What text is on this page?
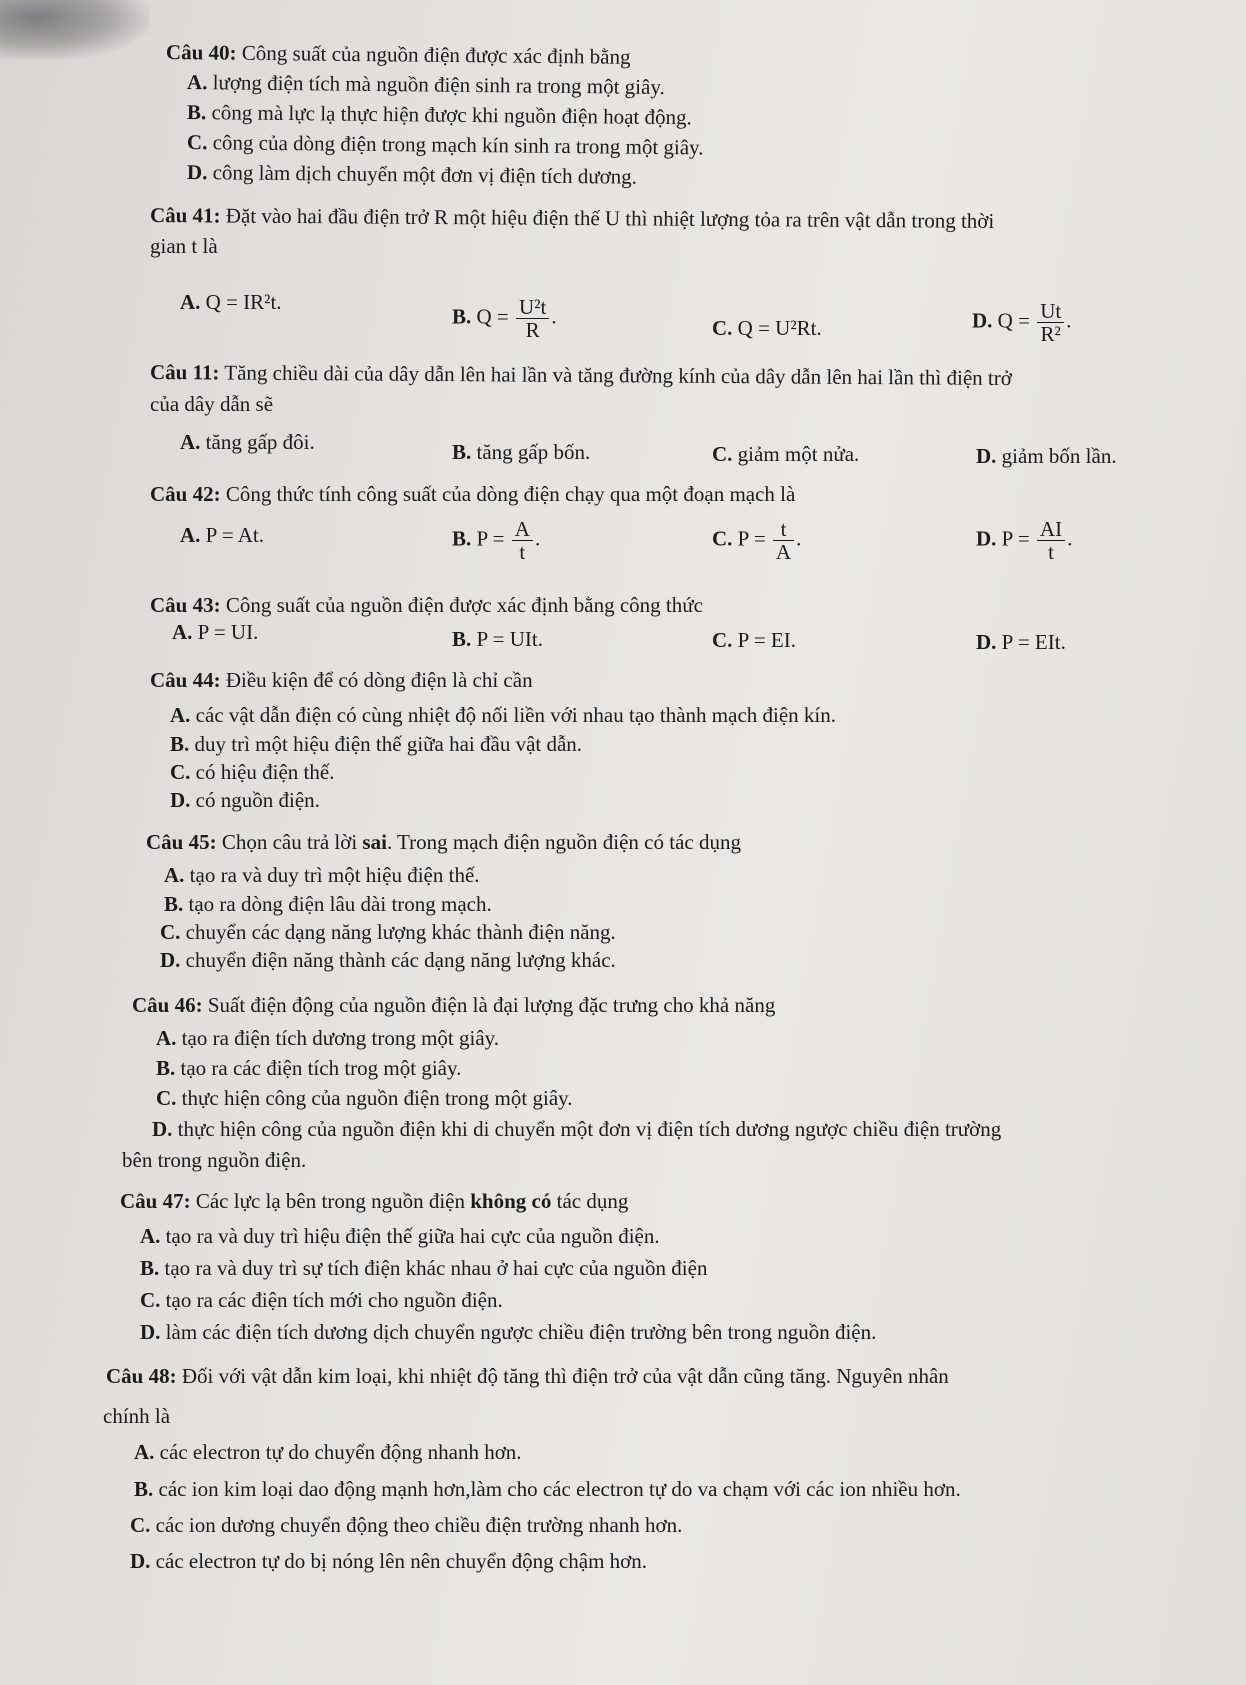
Câu 40: Công suất của nguồn điện được xác định bằng
A. lượng điện tích mà nguồn điện sinh ra trong một giây.
B. công mà lực lạ thực hiện được khi nguồn điện hoạt động.
C. công của dòng điện trong mạch kín sinh ra trong một giây.
D. công làm dịch chuyển một đơn vị điện tích dương.
Câu 41: Đặt vào hai đầu điện trở R một hiệu điện thế U thì nhiệt lượng tỏa ra trên vật dẫn trong thời
gian t là
A. Q = IR²t.
B. $Q = \frac{\text{U²t}}{R}$ .	C. Q = U²Rt.	D. $Q = \frac{Ut}{\text{R²}}$ .
Câu 11: Tăng chiều dài của dây dẫn lên hai lần và tăng đường kính của dây dẫn lên hai lần thì điện trở
của dây dẫn sẽ
A. tăng gấp đôi.	B. tăng gấp bốn.	C. giảm một nửa.	D. giảm bốn lần.
Câu 42: Công thức tính công suất của dòng điện chạy qua một đoạn mạch là
A. P = At.	B. $P = \frac{A}{t}$ .	C. $P = \frac{t}{A}$ .	D. $P = \frac{AI}{t}$ .
Câu 43: Công suất của nguồn điện được xác định bằng công thức
A. P = UI.	B. P = UIt.	C. P = EI.	D. P = EIt.
Câu 44: Điều kiện để có dòng điện là chỉ cần
A. các vật dẫn điện có cùng nhiệt độ nối liền với nhau tạo thành mạch điện kín.
B. duy trì một hiệu điện thế giữa hai đầu vật dẫn.
C. có hiệu điện thế.
D. có nguồn điện.
Câu 45: Chọn câu trả lời sai. Trong mạch điện nguồn điện có tác dụng
A. tạo ra và duy trì một hiệu điện thế.
B. tạo ra dòng điện lâu dài trong mạch.
C. chuyển các dạng năng lượng khác thành điện năng.
D. chuyển điện năng thành các dạng năng lượng khác.
Câu 46: Suất điện động của nguồn điện là đại lượng đặc trưng cho khả năng
A. tạo ra điện tích dương trong một giây.
B. tạo ra các điện tích trog một giây.
C. thực hiện công của nguồn điện trong một giây.
D. thực hiện công của nguồn điện khi di chuyển một đơn vị điện tích dương ngược chiều điện trường
bên trong nguồn điện.
Câu 47: Các lực lạ bên trong nguồn điện không có tác dụng
A. tạo ra và duy trì hiệu điện thế giữa hai cực của nguồn điện.
B. tạo ra và duy trì sự tích điện khác nhau ở hai cực của nguồn điện
C. tạo ra các điện tích mới cho nguồn điện.
D. làm các điện tích dương dịch chuyển ngược chiều điện trường bên trong nguồn điện.
Câu 48: Đối với vật dẫn kim loại, khi nhiệt độ tăng thì điện trở của vật dẫn cũng tăng. Nguyên nhân
chính là
A. các electron tự do chuyển động nhanh hơn.
B. các ion kim loại dao động mạnh hơn,làm cho các electron tự do va chạm với các ion nhiều hơn.
C. các ion dương chuyển động theo chiều điện trường nhanh hơn.
D. các electron tự do bị nóng lên nên chuyển động chậm hơn.
